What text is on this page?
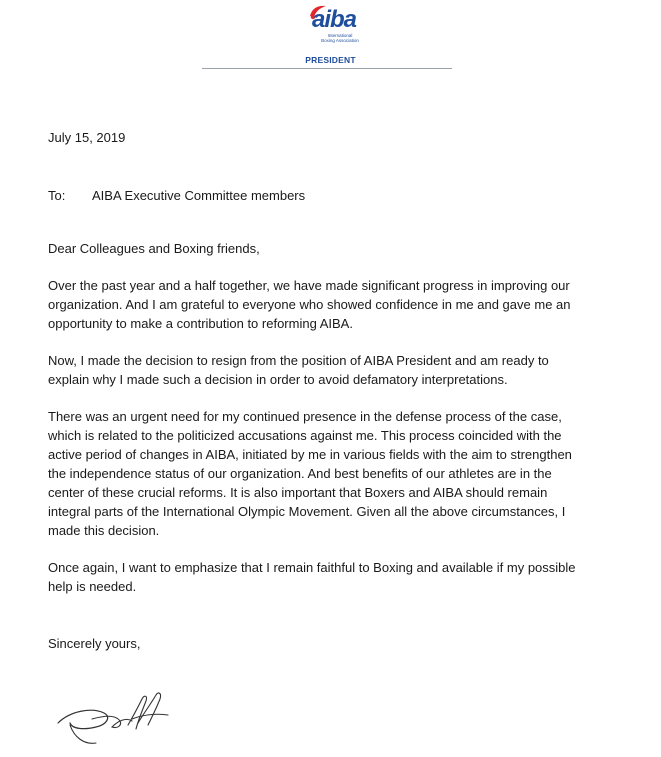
aiba
International
Boxing Association
PRESIDENT
July 15, 2019
To: AIBA Executive Committee members
Dear Colleagues and Boxing friends,
Over the past year and a half together, we have made significant progress in improving our
organization. And I am grateful to everyone who showed confidence in me and gave me an
opportunity to make a contribution to reforming AIBA.
Now, I made the decision to resign from the position of AIBA President and am ready to
explain why I made such a decision in order to avoid defamatory interpretations.
There was an urgent need for my continued presence in the defense process of the case,
which is related to the politicized accusations against me. This process coincided with the
active period of changes in AIBA, initiated by me in various fields with the aim to strengthen
the independence status of our organization. And best benefits of our athletes are in the
center of these crucial reforms. It is also important that Boxers and AIBA should remain
integral parts of the International Olympic Movement. Given all the above circumstances, I
made this decision.
Once again, I want to emphasize that I remain faithful to Boxing and available if my possible
help is needed.
Sincerely yours,
